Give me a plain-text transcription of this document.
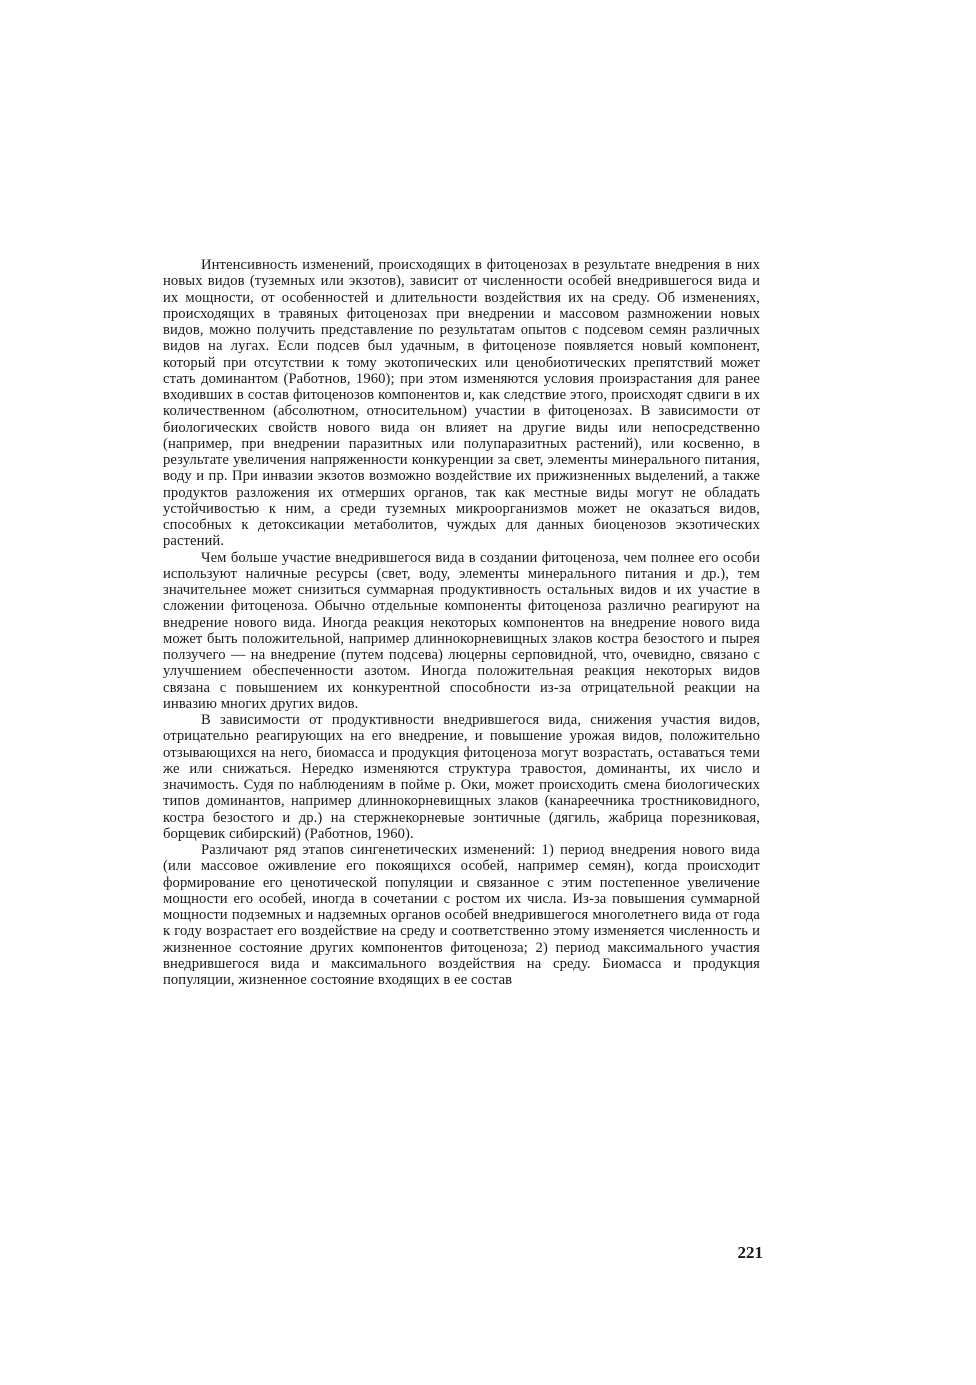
Интенсивность изменений, происходящих в фитоценозах в результате внедрения в них новых видов (туземных или экзотов), зависит от численности особей внедрившегося вида и их мощности, от особенностей и длительности воздействия их на среду. Об изменениях, происходящих в травяных фитоценозах при внедрении и массовом размножении новых видов, можно получить представление по результатам опытов с подсевом семян различных видов на лугах. Если подсев был удачным, в фитоценозе появляется новый компонент, который при отсутствии к тому экотопических или ценобиотических препятствий может стать доминантом (Работнов, 1960); при этом изменяются условия произрастания для ранее входивших в состав фитоценозов компонентов и, как следствие этого, происходят сдвиги в их количественном (абсолютном, относительном) участии в фитоценозах. В зависимости от биологических свойств нового вида он влияет на другие виды или непосредственно (например, при внедрении паразитных или полупаразитных растений), или косвенно, в результате увеличения напряженности конкуренции за свет, элементы минерального питания, воду и пр. При инвазии экзотов возможно воздействие их прижизненных выделений, а также продуктов разложения их отмерших органов, так как местные виды могут не обладать устойчивостью к ним, а среди туземных микроорганизмов может не оказаться видов, способных к детоксикации метаболитов, чуждых для данных биоценозов экзотических растений.

Чем больше участие внедрившегося вида в создании фитоценоза, чем полнее его особи используют наличные ресурсы (свет, воду, элементы минерального питания и др.), тем значительнее может снизиться суммарная продуктивность остальных видов и их участие в сложении фитоценоза. Обычно отдельные компоненты фитоценоза различно реагируют на внедрение нового вида. Иногда реакция некоторых компонентов на внедрение нового вида может быть положительной, например длиннокорневищных злаков костра безостого и пырея ползучего — на внедрение (путем подсева) люцерны серповидной, что, очевидно, связано с улучшением обеспеченности азотом. Иногда положительная реакция некоторых видов связана с повышением их конкурентной способности из-за отрицательной реакции на инвазию многих других видов.

В зависимости от продуктивности внедрившегося вида, снижения участия видов, отрицательно реагирующих на его внедрение, и повышение урожая видов, положительно отзывающихся на него, биомасса и продукция фитоценоза могут возрастать, оставаться теми же или снижаться. Нередко изменяются структура травостоя, доминанты, их число и значимость. Судя по наблюдениям в пойме р. Оки, может происходить смена биологических типов доминантов, например длиннокорневищных злаков (канареечника тростниковидного, костра безостого и др.) на стержнекорневые зонтичные (дягиль, жабрица порезниковая, борщевик сибирский) (Работнов, 1960).

Различают ряд этапов сингенетических изменений: 1) период внедрения нового вида (или массовое оживление его покоящихся особей, например семян), когда происходит формирование его ценотической популяции и связанное с этим постепенное увеличение мощности его особей, иногда в сочетании с ростом их числа. Из-за повышения суммарной мощности подземных и надземных органов особей внедрившегося многолетнего вида от года к году возрастает его воздействие на среду и соответственно этому изменяется численность и жизненное состояние других компонентов фитоценоза; 2) период максимального участия внедрившегося вида и максимального воздействия на среду. Биомасса и продукция популяции, жизненное состояние входящих в ее состав

221
